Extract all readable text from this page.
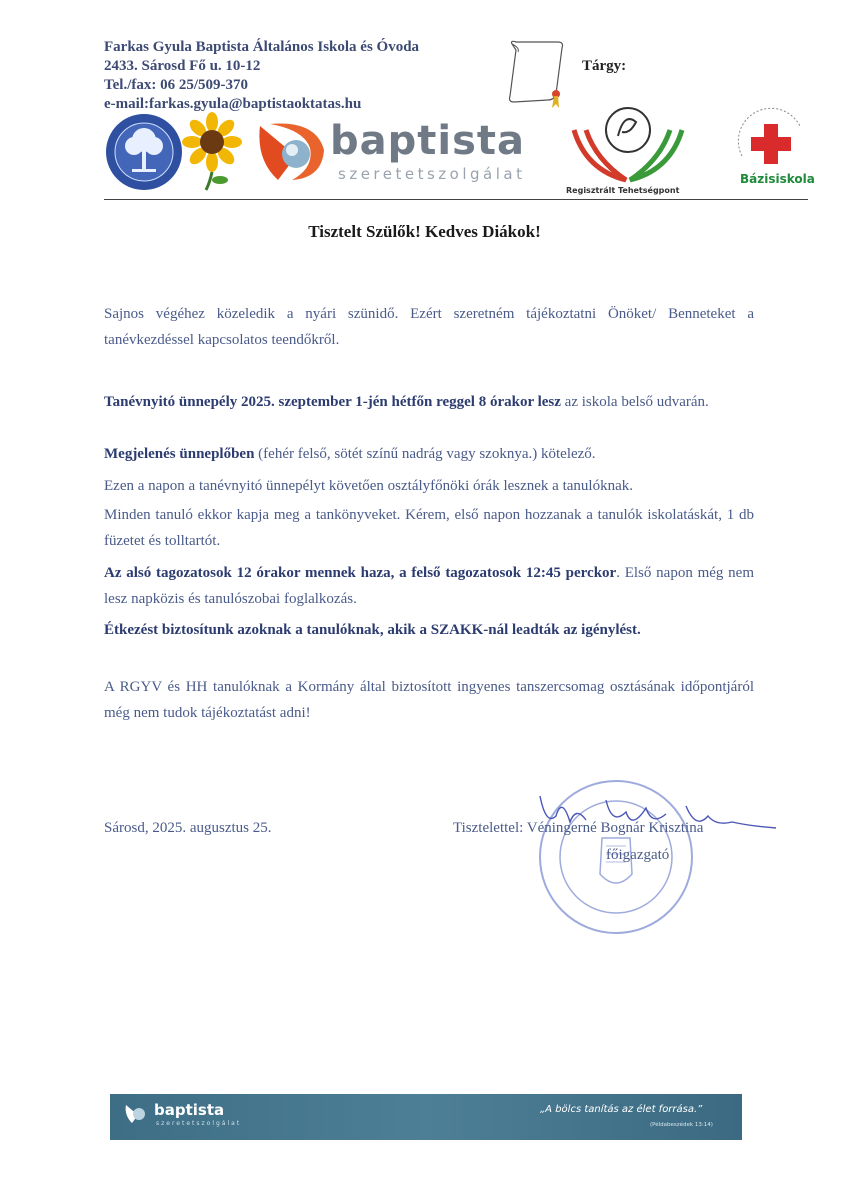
Farkas Gyula Baptista Általános Iskola és Óvoda
2433. Sárosd Fő u. 10-12
Tel./fax: 06 25/509-370
e-mail:farkas.gyula@baptistaoktatas.hu
Tárgy:
baptista
szeretetszolgálat
Regisztrált Tehetségpont
Bázisiskola
Tisztelt Szülők! Kedves Diákok!
Sajnos végéhez közeledik a nyári szünidő. Ezért szeretném tájékoztatni Önöket/ Benneteket a tanévkezdéssel kapcsolatos teendőkről.
Tanévnyitó ünnepély 2025. szeptember 1-jén hétfőn reggel 8 órakor lesz az iskola belső udvarán.
Megjelenés ünneplőben (fehér felső, sötét színű nadrág vagy szoknya.) kötelező.
Ezen a napon a tanévnyitó ünnepélyt követően osztályfőnöki órák lesznek a tanulóknak.
Minden tanuló ekkor kapja meg a tankönyveket. Kérem, első napon hozzanak a tanulók iskolatáskát, 1 db füzetet és tolltartót.
Az alsó tagozatosok 12 órakor mennek haza, a felső tagozatosok 12:45 perckor. Első napon még nem lesz napközis és tanulószobai foglalkozás.
Étkezést biztosítunk azoknak a tanulóknak, akik a SZAKK-nál leadták az igénylést.
A RGYV és HH tanulóknak a Kormány által biztosított ingyenes tanszercsomag osztásának időpontjáról még nem tudok tájékoztatást adni!
Sárosd, 2025. augusztus 25.	Tisztelettel: Véningerné Bognár Krisztina
főigazgató
baptista
szeretetszolgálat
„A bölcs tanítás az élet forrása.”
(Példabeszédek 13:14)
